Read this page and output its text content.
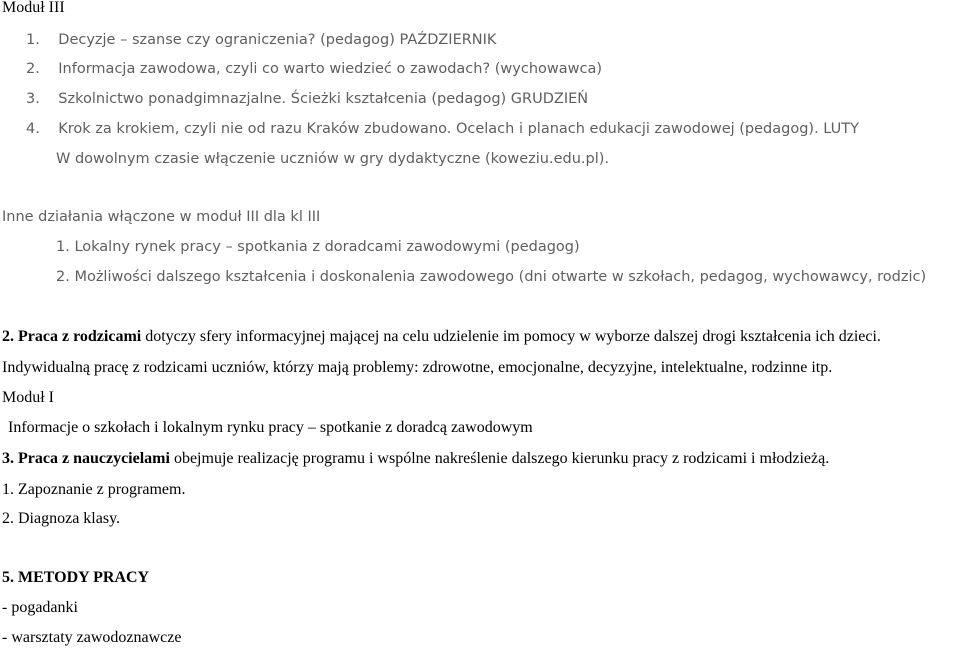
Moduł III
1. Decyzje – szanse czy ograniczenia? (pedagog) PAŹDZIERNIK
2. Informacja zawodowa, czyli co warto wiedzieć o zawodach? (wychowawca)
3. Szkolnictwo ponadgimnazjalne. Ścieżki kształcenia (pedagog) GRUDZIEŃ
4. Krok za krokiem, czyli nie od razu Kraków zbudowano. Ocelach i planach edukacji zawodowej (pedagog). LUTY
W dowolnym czasie włączenie uczniów w gry dydaktyczne (koweziu.edu.pl).
Inne działania włączone w moduł III dla kl III
1. Lokalny rynek pracy – spotkania z doradcami zawodowymi (pedagog)
2. Możliwości dalszego kształcenia i doskonalenia zawodowego (dni otwarte w szkołach, pedagog, wychowawcy, rodzic)
2. Praca z rodzicami dotyczy sfery informacyjnej mającej na celu udzielenie im pomocy w wyborze dalszej drogi kształcenia ich dzieci.
Indywidualną pracę z rodzicami uczniów, którzy mają problemy: zdrowotne, emocjonalne, decyzyjne, intelektualne, rodzinne itp.
Moduł I
Informacje o szkołach i lokalnym rynku pracy – spotkanie z doradcą zawodowym
3. Praca z nauczycielami obejmuje realizację programu i wspólne nakreślenie dalszego kierunku pracy z rodzicami i młodzieżą.
1. Zapoznanie z programem.
2. Diagnoza klasy.
5. METODY PRACY
- pogadanki
- warsztaty zawodoznawcze
